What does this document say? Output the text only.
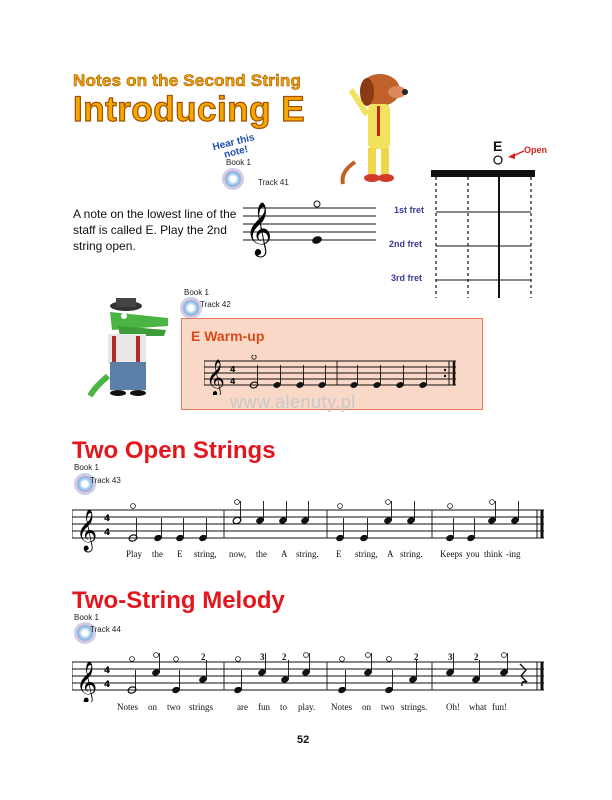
Notes on the Second String
Introducing E
Hear this note!
Book 1
Track 41
A note on the lowest line of the staff is called E. Play the 2nd string open.	𝄞
E Open
1st fret
2nd fret
3rd fret
Book 1
Track 42
E Warm-up
𝄞 4
4
www.alenuty.pl
Two Open Strings
Book 1
Track 43
𝄞 4
4
Play the E string, now, the A string. E string, A string. Keeps you think -ing
Two-String Melody
Book 1
Track 44
𝄞 4
4
2	3 2	2	3 2
Notes on two strings	are fun to play. Notes on two strings. Oh! what fun!
52
